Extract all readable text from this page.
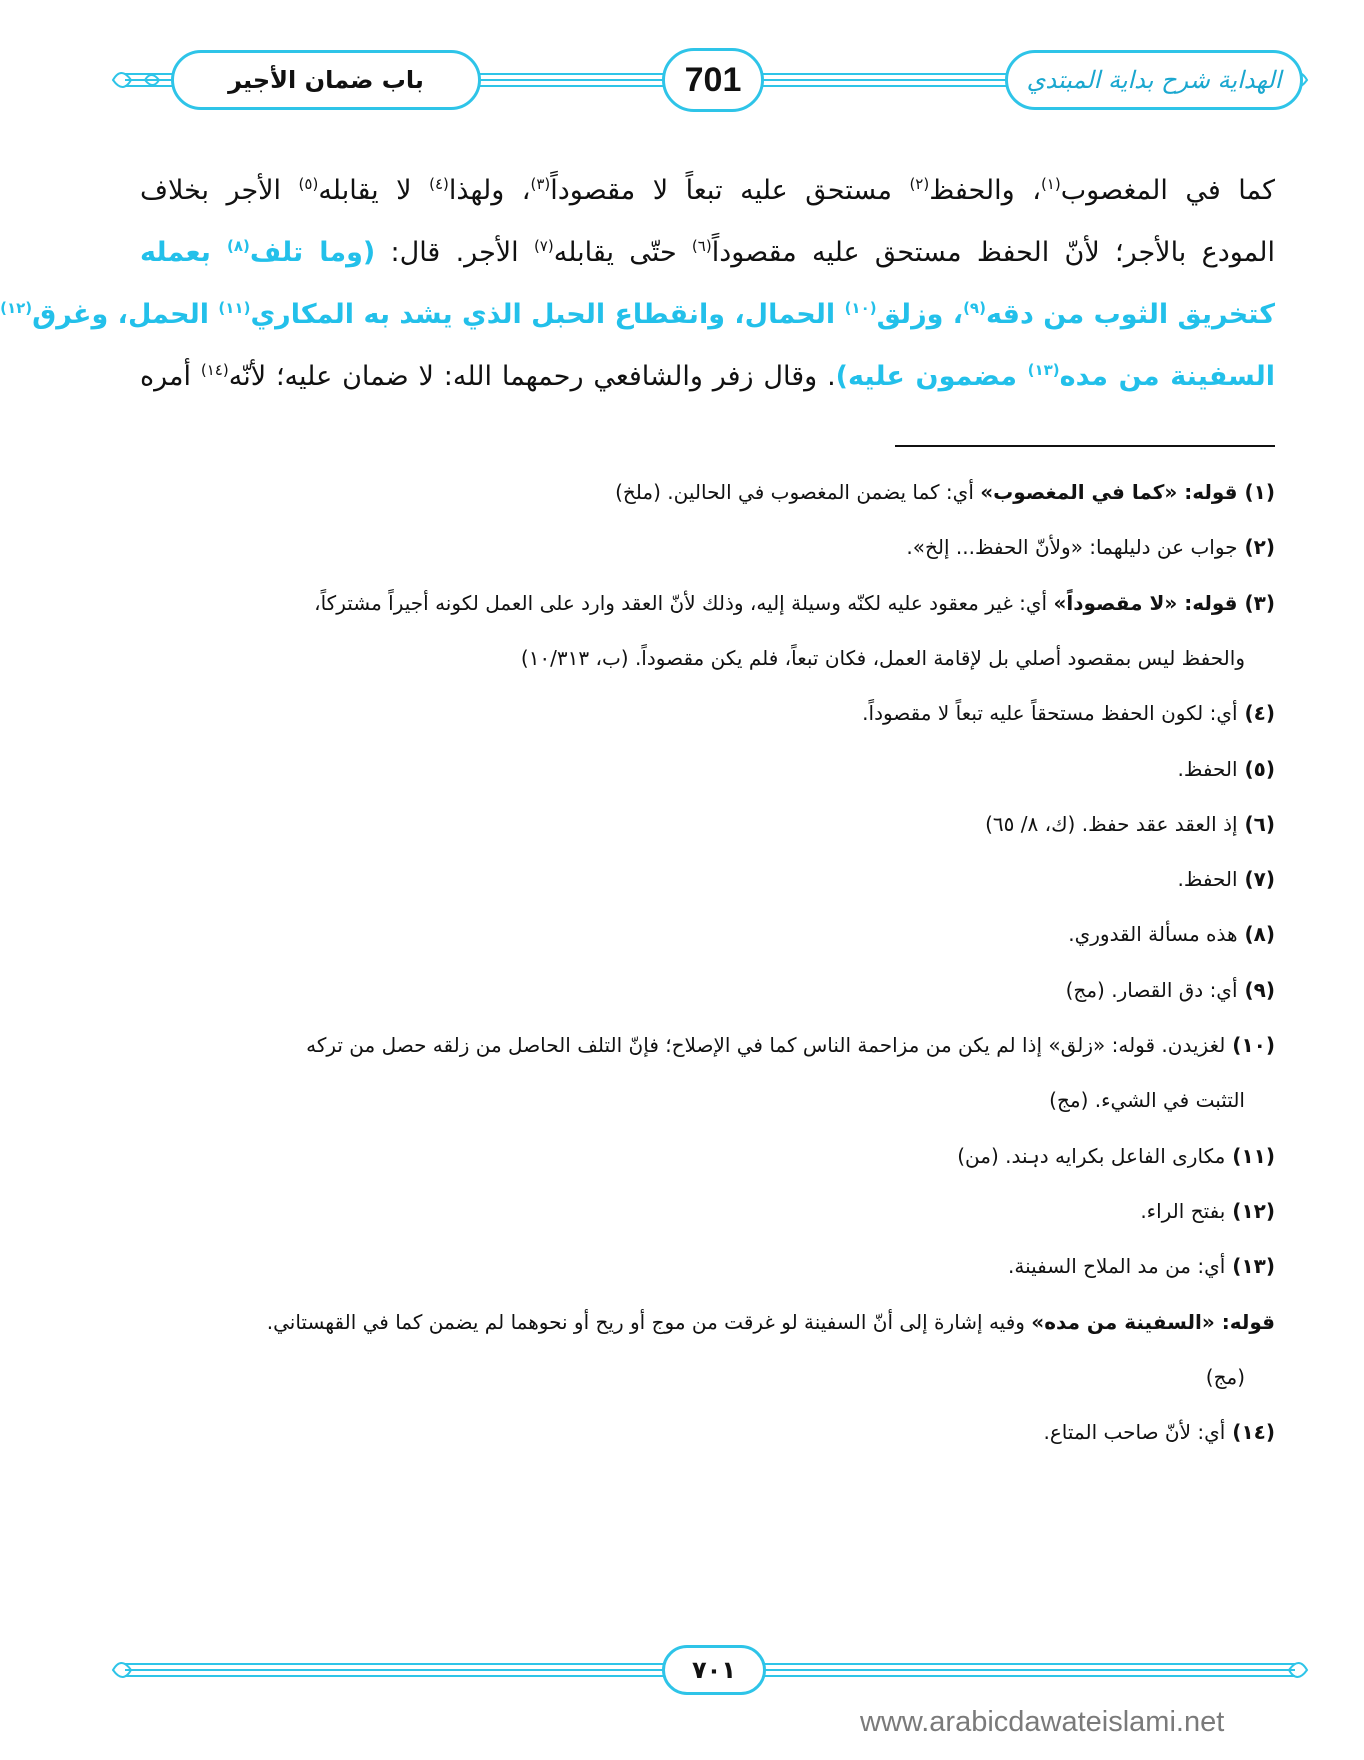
الهداية شرح بداية المبتدي
701
باب ضمان الأجير
كما في المغصوب$^{(١)}$، والحفظ$^{(٢)}$ مستحق عليه تبعاً لا مقصوداً$^{(٣)}$، ولهذا$^{(٤)}$ لا يقابله$^{(٥)}$ الأجر بخلاف
المودع بالأجر؛ لأنّ الحفظ مستحق عليه مقصوداً$^{(٦)}$ حتّى يقابله$^{(٧)}$ الأجر. قال: (وما تلف$^{(٨)}$ بعمله
كتخريق الثوب من دقه$^{(٩)}$، وزلق$^{(١٠)}$ الحمال، وانقطاع الحبل الذي يشد به المكاري$^{(١١)}$ الحمل، وغرق$^{(١٢)}$
السفينة من مده$^{(١٣)}$ مضمون عليه). وقال زفر والشافعي رحمهما الله: لا ضمان عليه؛ لأنّه$^{(١٤)}$ أمره
(١) قوله: «كما في المغصوب» أي: كما يضمن المغصوب في الحالين. (ملخ)
(٢) جواب عن دليلهما: «ولأنّ الحفظ... إلخ».
(٣) قوله: «لا مقصوداً» أي: غير معقود عليه لكنّه وسيلة إليه، وذلك لأنّ العقد وارد على العمل لكونه أجيراً مشتركاً،
والحفظ ليس بمقصود أصلي بل لإقامة العمل، فكان تبعاً، فلم يكن مقصوداً. (ب، ١٠/٣١٣)
(٤) أي: لكون الحفظ مستحقاً عليه تبعاً لا مقصوداً.
(٥) الحفظ.
(٦) إذ العقد عقد حفظ. (ك، ٨/ ٦٥)
(٧) الحفظ.
(٨) هذه مسألة القدوري.
(٩) أي: دق القصار. (مج)
(١٠) لغزيدن. قوله: «زلق» إذا لم يكن من مزاحمة الناس كما في الإصلاح؛ فإنّ التلف الحاصل من زلقه حصل من تركه
التثبت في الشيء. (مج)
(١١) مكارى الفاعل بكرايه دہند. (من)
(١٢) بفتح الراء.
(١٣) أي: من مد الملاح السفينة.
قوله: «السفينة من مده» وفيه إشارة إلى أنّ السفينة لو غرقت من موج أو ريح أو نحوهما لم يضمن كما في القهستاني.
(مج)
(١٤) أي: لأنّ صاحب المتاع.
٧٠١
www.arabicdawateislami.net
